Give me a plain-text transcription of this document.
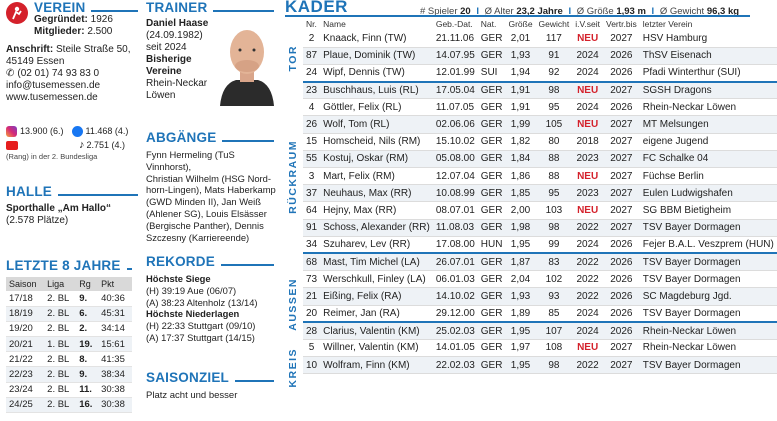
VEREIN
Gegründet: 1926
Mitglieder: 2.500
Anschrift: Steile Straße 50,
45149 Essen
✆ (02 01) 74 93 83 0
info@tusemessen.de
www.tusemessen.de
13.900 (6.) 11.468 (4.)
♪ 2.751 (4.)
(Rang) in der 2. Bundesliga
HALLE
Sporthalle „Am Hallo“
(2.578 Plätze)
LETZTE 8 JAHRE
Saison	Liga	Rg	Pkt
17/18	2. BL	9.	40:36
18/19	2. BL	6.	45:31
19/20	2. BL	2.	34:14
20/21	1. BL	19.	15:61
21/22	2. BL	8.	41:35
22/23	2. BL	9.	38:34
23/24	2. BL	11.	30:38
24/25	2. BL	16.	30:38
TRAINER
Daniel Haase
(24.09.1982)
seit 2024
Bisherige
Vereine
Rhein-Neckar
Löwen
ABGÄNGE
Fynn Hermeling (TuS Vinnhorst),
Christian Wilhelm (HSG Nord-
horn-Lingen), Mats Haberkamp
(GWD Minden II), Jan Weiß
(Ahlener SG), Louis Elsässer
(Bergische Panther), Dennis
Szczesny (Karriereende)
REKORDE
Höchste Siege
(H) 39:19 Aue (06/07)
(A) 38:23 Altenholz (13/14)
Höchste Niederlagen
(H) 22:33 Stuttgart (09/10)
(A) 17:37 Stuttgart (14/15)
SAISONZIEL
Platz acht und besser
KADER	# Spieler 20 I Ø Alter 23,2 Jahre I Ø Größe 1,93 m I Ø Gewicht 96,3 kg
TOR
RÜCKRAUM
AUSSEN
KREIS
Nr.	Name	Geb.-Dat.	Nat.	Größe	Gewicht	i.V.seit	Vertr.bis	letzter Verein
2	Knaack, Finn (TW)	21.11.06	GER	2,01	117	NEU	2027	HSV Hamburg
87	Plaue, Dominik (TW)	14.07.95	GER	1,93	91	2024	2026	ThSV Eisenach
24	Wipf, Dennis (TW)	12.01.99	SUI	1,94	92	2024	2026	Pfadi Winterthur (SUI)
23	Buschhaus, Luis (RL)	17.05.04	GER	1,91	98	NEU	2027	SGSH Dragons
4	Göttler, Felix (RL)	11.07.05	GER	1,91	95	2024	2026	Rhein-Neckar Löwen
26	Wolf, Tom (RL)	02.06.06	GER	1,99	105	NEU	2027	MT Melsungen
15	Homscheid, Nils (RM)	15.10.02	GER	1,82	80	2018	2027	eigene Jugend
55	Kostuj, Oskar (RM)	05.08.00	GER	1,84	88	2023	2027	FC Schalke 04
3	Mart, Felix (RM)	12.07.04	GER	1,86	88	NEU	2027	Füchse Berlin
37	Neuhaus, Max (RR)	10.08.99	GER	1,85	95	2023	2027	Eulen Ludwigshafen
64	Hejny, Max (RR)	08.07.01	GER	2,00	103	NEU	2027	SG BBM Bietigheim
91	Schoss, Alexander (RR)	11.08.03	GER	1,98	98	2022	2027	TSV Bayer Dormagen
34	Szuharev, Lev (RR)	17.08.00	HUN	1,95	99	2024	2026	Fejer B.A.L. Veszprem (HUN)
68	Mast, Tim Michel (LA)	26.07.01	GER	1,87	83	2022	2026	TSV Bayer Dormagen
73	Werschkull, Finley (LA)	06.01.03	GER	2,04	102	2022	2026	TSV Bayer Dormagen
21	Eißing, Felix (RA)	14.10.02	GER	1,93	93	2022	2026	SC Magdeburg Jgd.
20	Reimer, Jan (RA)	29.12.00	GER	1,89	85	2024	2026	TSV Bayer Dormagen
28	Clarius, Valentin (KM)	25.02.03	GER	1,95	107	2024	2026	Rhein-Neckar Löwen
5	Willner, Valentin (KM)	14.01.05	GER	1,97	108	NEU	2027	Rhein-Neckar Löwen
10	Wolfram, Finn (KM)	22.02.03	GER	1,95	98	2022	2027	TSV Bayer Dormagen
